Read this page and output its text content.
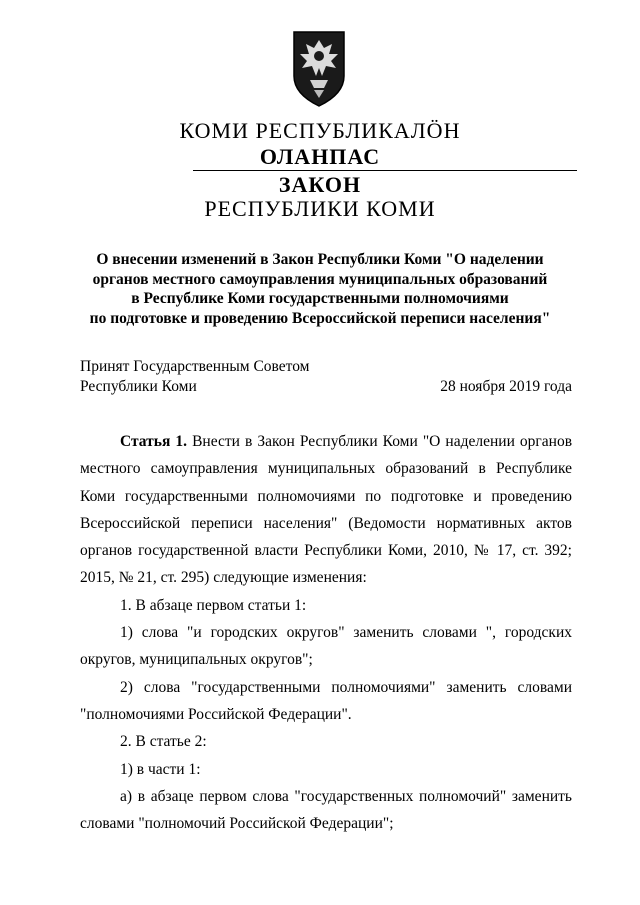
КОМИ РЕСПУБЛИКАЛÖН
ОЛАНПАС
ЗАКОН
РЕСПУБЛИКИ КОМИ
О внесении изменений в Закон Республики Коми "О наделении
органов местного самоуправления муниципальных образований
в Республике Коми государственными полномочиями
по подготовке и проведению Всероссийской переписи населения"
Принят Государственным Советом
Республики Коми	28 ноября 2019 года

Статья 1. Внести в Закон Республики Коми "О наделении органов местного самоуправления муниципальных образований в Республике Коми государственными полномочиями по подготовке и проведению Всероссийской переписи населения" (Ведомости нормативных актов органов государственной власти Республики Коми, 2010, № 17, ст. 392; 2015, № 21, ст. 295) следующие изменения:

1. В абзаце первом статьи 1:

1) слова "и городских округов" заменить словами ", городских округов, муниципальных округов";

2) слова "государственными полномочиями" заменить словами "полномочиями Российской Федерации".

2. В статье 2:

1) в части 1:

а) в абзаце первом слова "государственных полномочий" заменить словами "полномочий Российской Федерации";
